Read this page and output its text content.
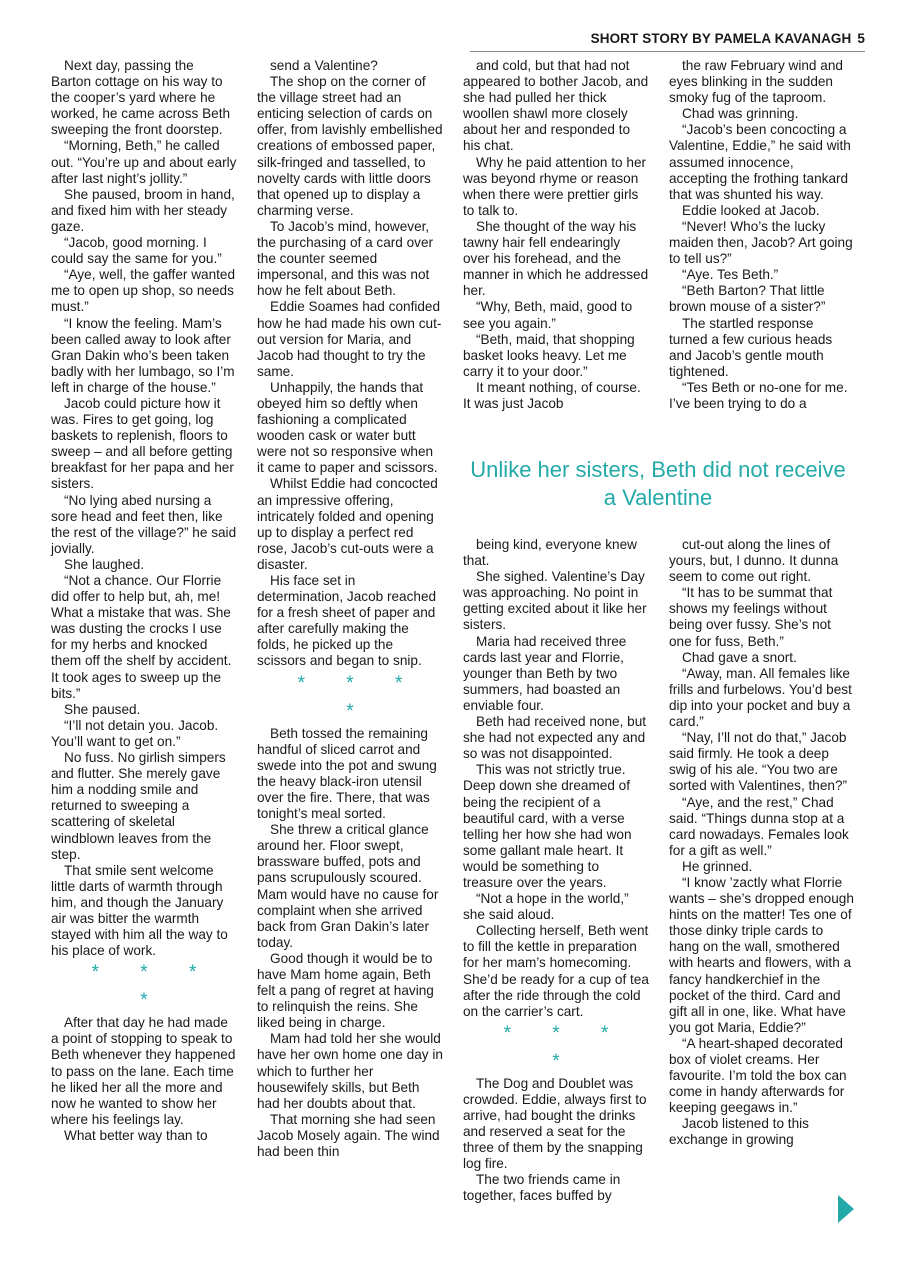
SHORT STORY BY PAMELA KAVANAGH 5

Next day, passing the Barton cottage on his way to the cooper’s yard where he worked, he came across Beth sweeping the front doorstep.

“Morning, Beth,” he called out. “You’re up and about early after last night’s jollity.”

She paused, broom in hand, and fixed him with her steady gaze.

“Jacob, good morning. I could say the same for you.”

“Aye, well, the gaffer wanted me to open up shop, so needs must.”

“I know the feeling. Mam’s been called away to look after Gran Dakin who’s been taken badly with her lumbago, so I’m left in charge of the house.”

Jacob could picture how it was. Fires to get going, log baskets to replenish, floors to sweep – and all before getting breakfast for her papa and her sisters.

“No lying abed nursing a sore head and feet then, like the rest of the village?” he said jovially.

She laughed.

“Not a chance. Our Florrie did offer to help but, ah, me! What a mistake that was. She was dusting the crocks I use for my herbs and knocked them off the shelf by accident. It took ages to sweep up the bits.”

She paused.

“I’ll not detain you. Jacob. You’ll want to get on.”

No fuss. No girlish simpers and flutter. She merely gave him a nodding smile and returned to sweeping a scattering of skeletal windblown leaves from the step.

That smile sent welcome little darts of warmth through him, and though the January air was bitter the warmth stayed with him all the way to his place of work.

* * * *

After that day he had made a point of stopping to speak to Beth whenever they happened to pass on the lane. Each time he liked her all the more and now he wanted to show her where his feelings lay.

What better way than to

send a Valentine?

The shop on the corner of the village street had an enticing selection of cards on offer, from lavishly embellished creations of embossed paper, silk-fringed and tasselled, to novelty cards with little doors that opened up to display a charming verse.

To Jacob’s mind, however, the purchasing of a card over the counter seemed impersonal, and this was not how he felt about Beth.

Eddie Soames had confided how he had made his own cut-out version for Maria, and Jacob had thought to try the same.

Unhappily, the hands that obeyed him so deftly when fashioning a complicated wooden cask or water butt were not so responsive when it came to paper and scissors.

Whilst Eddie had concocted an impressive offering, intricately folded and opening up to display a perfect red rose, Jacob’s cut-outs were a disaster.

His face set in determination, Jacob reached for a fresh sheet of paper and after carefully making the folds, he picked up the scissors and began to snip.

* * * *

Beth tossed the remaining handful of sliced carrot and swede into the pot and swung the heavy black-iron utensil over the fire. There, that was tonight’s meal sorted.

She threw a critical glance around her. Floor swept, brassware buffed, pots and pans scrupulously scoured. Mam would have no cause for complaint when she arrived back from Gran Dakin’s later today.

Good though it would be to have Mam home again, Beth felt a pang of regret at having to relinquish the reins. She liked being in charge.

Mam had told her she would have her own home one day in which to further her housewifely skills, but Beth had her doubts about that.

That morning she had seen Jacob Mosely again. The wind had been thin

and cold, but that had not appeared to bother Jacob, and she had pulled her thick woollen shawl more closely about her and responded to his chat.

Why he paid attention to her was beyond rhyme or reason when there were prettier girls to talk to.

She thought of the way his tawny hair fell endearingly over his forehead, and the manner in which he addressed her.

“Why, Beth, maid, good to see you again.”

“Beth, maid, that shopping basket looks heavy. Let me carry it to your door.”

It meant nothing, of course. It was just Jacob

the raw February wind and eyes blinking in the sudden smoky fug of the taproom.

Chad was grinning.

“Jacob’s been concocting a Valentine, Eddie,” he said with assumed innocence, accepting the frothing tankard that was shunted his way.

Eddie looked at Jacob.

“Never! Who’s the lucky maiden then, Jacob? Art going to tell us?”

“Aye. Tes Beth.”

“Beth Barton? That little brown mouse of a sister?”

The startled response turned a few curious heads and Jacob’s gentle mouth tightened.

“Tes Beth or no-one for me. I’ve been trying to do a

Unlike her sisters, Beth did not receive a Valentine

being kind, everyone knew that.

She sighed. Valentine’s Day was approaching. No point in getting excited about it like her sisters.

Maria had received three cards last year and Florrie, younger than Beth by two summers, had boasted an enviable four.

Beth had received none, but she had not expected any and so was not disappointed.

This was not strictly true. Deep down she dreamed of being the recipient of a beautiful card, with a verse telling her how she had won some gallant male heart. It would be something to treasure over the years.

“Not a hope in the world,” she said aloud.

Collecting herself, Beth went to fill the kettle in preparation for her mam’s homecoming. She’d be ready for a cup of tea after the ride through the cold on the carrier’s cart.

* * * *

The Dog and Doublet was crowded. Eddie, always first to arrive, had bought the drinks and reserved a seat for the three of them by the snapping log fire.

The two friends came in together, faces buffed by

cut-out along the lines of yours, but, I dunno. It dunna seem to come out right.

“It has to be summat that shows my feelings without being over fussy. She’s not one for fuss, Beth.”

Chad gave a snort.

“Away, man. All females like frills and furbelows. You’d best dip into your pocket and buy a card.”

“Nay, I’ll not do that,” Jacob said firmly. He took a deep swig of his ale. “You two are sorted with Valentines, then?”

“Aye, and the rest,” Chad said. “Things dunna stop at a card nowadays. Females look for a gift as well.”

He grinned.

“I know ’zactly what Florrie wants – she’s dropped enough hints on the matter! Tes one of those dinky triple cards to hang on the wall, smothered with hearts and flowers, with a fancy handkerchief in the pocket of the third. Card and gift all in one, like. What have you got Maria, Eddie?”

“A heart-shaped decorated box of violet creams. Her favourite. I’m told the box can come in handy afterwards for keeping geegaws in.”

Jacob listened to this exchange in growing
